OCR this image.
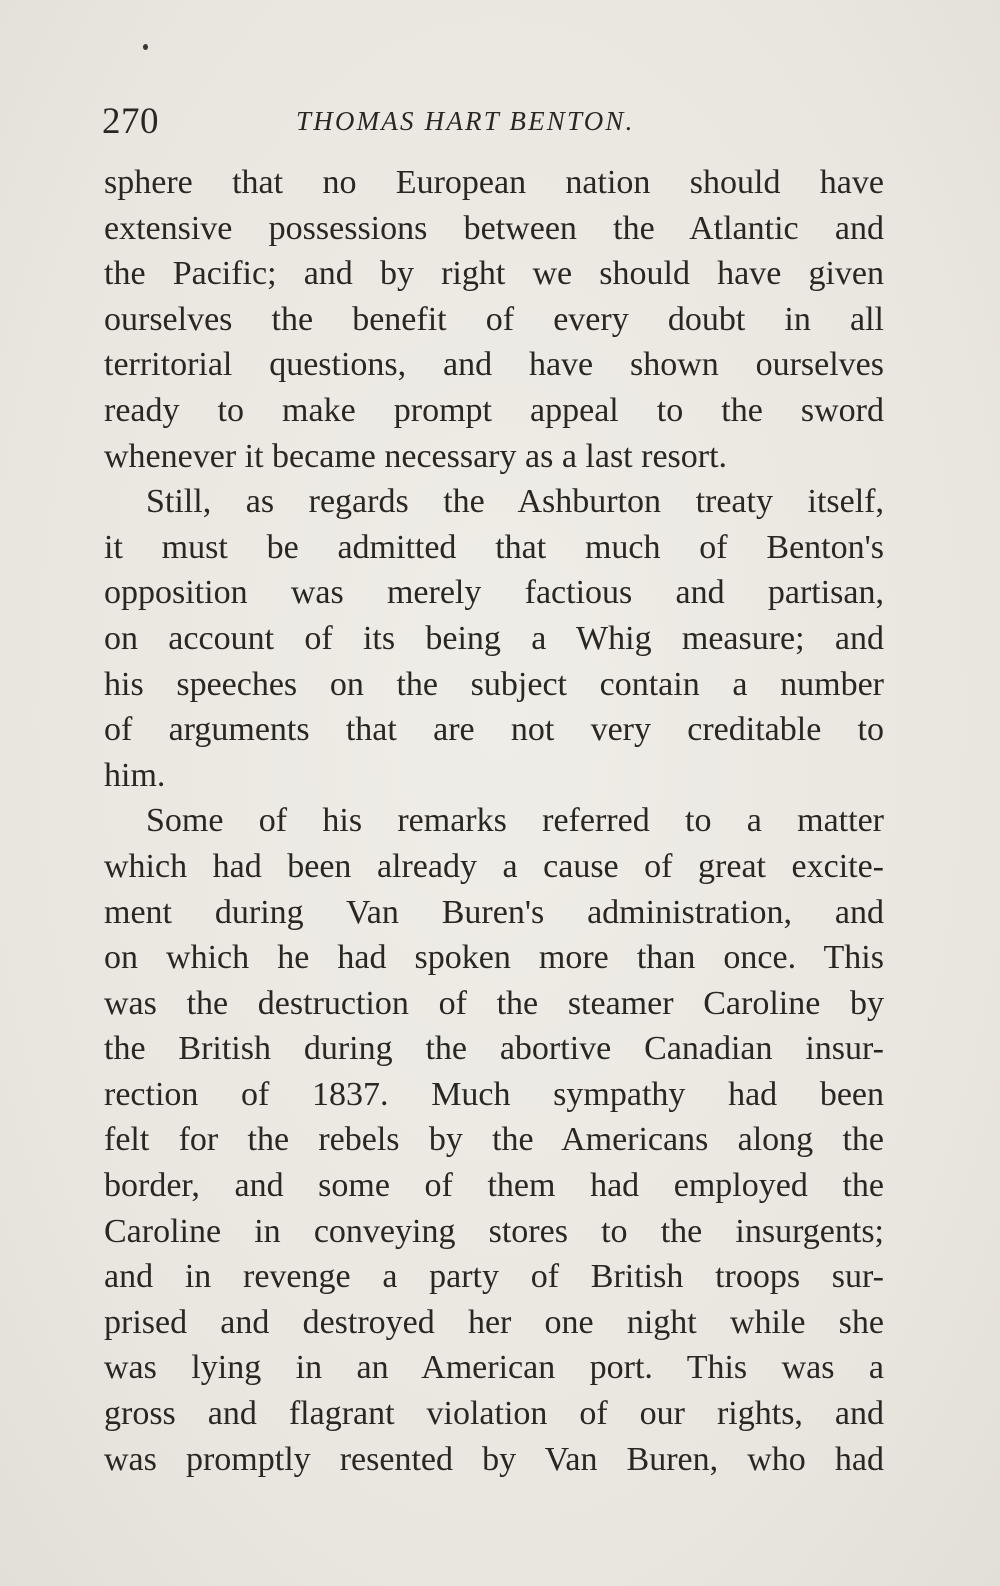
270	THOMAS HART BENTON.
sphere that no European nation should have
extensive possessions between the Atlantic and
the Pacific; and by right we should have given
ourselves the benefit of every doubt in all
territorial questions, and have shown ourselves
ready to make prompt appeal to the sword
whenever it became necessary as a last resort.
Still, as regards the Ashburton treaty itself,
it must be admitted that much of Benton's
opposition was merely factious and partisan,
on account of its being a Whig measure; and
his speeches on the subject contain a number
of arguments that are not very creditable to
him.
Some of his remarks referred to a matter
which had been already a cause of great excite-
ment during Van Buren's administration, and
on which he had spoken more than once. This
was the destruction of the steamer Caroline by
the British during the abortive Canadian insur-
rection of 1837. Much sympathy had been
felt for the rebels by the Americans along the
border, and some of them had employed the
Caroline in conveying stores to the insurgents;
and in revenge a party of British troops sur-
prised and destroyed her one night while she
was lying in an American port. This was a
gross and flagrant violation of our rights, and
was promptly resented by Van Buren, who had
